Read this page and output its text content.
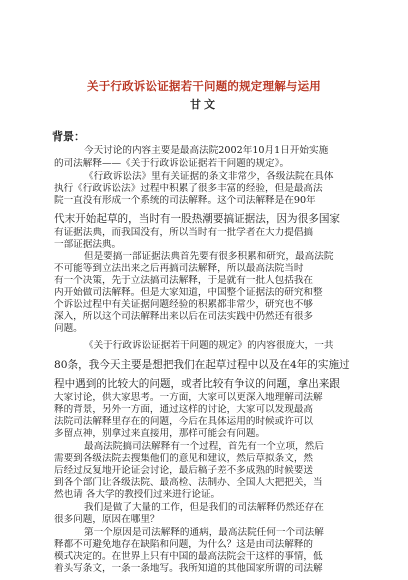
关于行政诉讼证据若干问题的规定理解与运用
甘文
背景：
今天讨论的内容主要是最高法院2002年10月1日开始实施
的司法解释——《关于行政诉讼证据若干问题的规定》。
《行政诉讼法》里有关证据的条文非常少，各级法院在具体
执行《行政诉讼法》过程中积累了很多丰富的经验，但是最高法
院一直没有形成一个系统的司法解释。这个司法解释是在90年
代末开始起草的，当时有一股热潮要搞证据法，因为很多国家
有证据法典，而我国没有，所以当时有一批学者在大力提倡搞
一部证据法典。
但是要搞一部证据法典首先要有很多积累和研究，最高法院
不可能等到立法出来之后再搞司法解释，所以最高法院当时
有一个决策，先于立法搞司法解释，于是就有一批人包括我在
内开始做司法解释。但是大家知道，中国整个证据法的研究和整
个诉讼过程中有关证据问题经验的积累都非常少，研究也不够
深入，所以这个司法解释出来以后在司法实践中仍然还有很多
问题。
《关于行政诉讼证据若干问题的规定》的内容很庞大，一共
80条，我今天主要是想把我们在起草过程中以及在4年的实施过
程中遇到的比较大的问题，或者比较有争议的问题，拿出来跟
大家讨论，供大家思考。一方面，大家可以更深入地理解司法解
释的背景，另外一方面，通过这样的讨论，大家可以发现最高
法院司法解释里存在的问题，今后在具体运用的时候或许可以
多留点神，别拿过来直接用，那样可能会有问题。
最高法院搞司法解释有一个过程，首先有一个立项，然后
需要到各级法院去搜集他们的意见和建议，然后草拟条文，然
后经过反复地开论证会讨论，最后稿子差不多成熟的时候要送
到各个部门让各级法院、最高检、法制办、全国人大把把关，当
然也请 各大学的教授们过来进行论证。
我们是做了大量的工作，但是我们的司法解释仍然还存在
很多问题，原因在哪里？
第一个原因是司法解释的通病，最高法院任何一个司法解
释都不可避免地存在缺陷和问题，为什么？这是由司法解释的
模式决定的。在世界上只有中国的最高法院会干这样的事情，低
着头写条文，一条一条地写。我所知道的其他国家所谓的司法解
